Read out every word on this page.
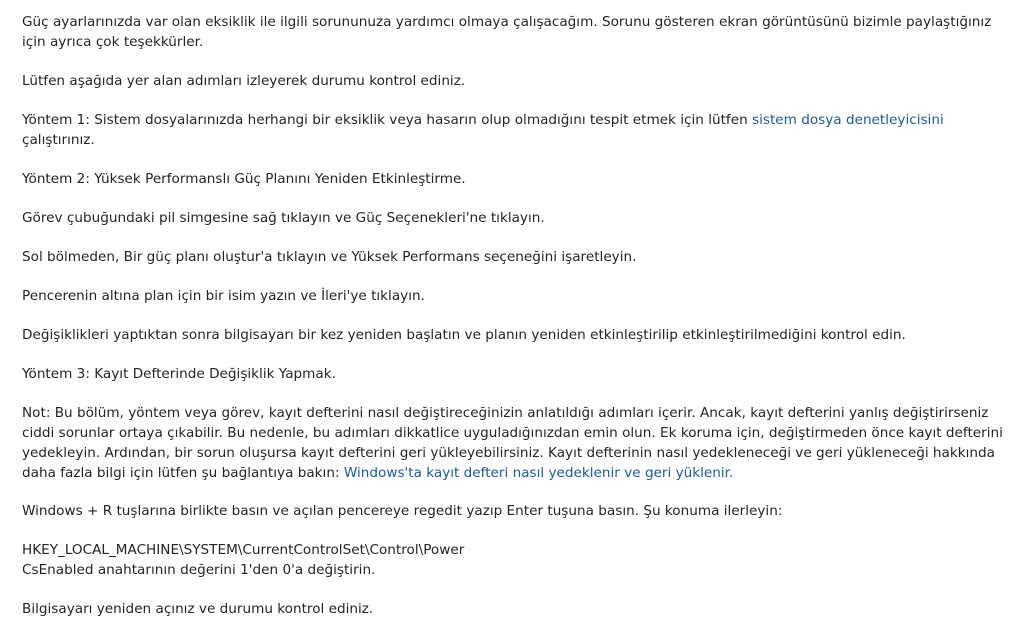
Güç ayarlarınızda var olan eksiklik ile ilgili sorununuza yardımcı olmaya çalışacağım. Sorunu gösteren ekran görüntüsünü bizimle paylaştığınız için ayrıca çok teşekkürler.

Lütfen aşağıda yer alan adımları izleyerek durumu kontrol ediniz.

Yöntem 1: Sistem dosyalarınızda herhangi bir eksiklik veya hasarın olup olmadığını tespit etmek için lütfen sistem dosya denetleyicisini çalıştırınız.

Yöntem 2: Yüksek Performanslı Güç Planını Yeniden Etkinleştirme.

Görev çubuğundaki pil simgesine sağ tıklayın ve Güç Seçenekleri'ne tıklayın.

Sol bölmeden, Bir güç planı oluştur'a tıklayın ve Yüksek Performans seçeneğini işaretleyin.

Pencerenin altına plan için bir isim yazın ve İleri'ye tıklayın.

Değişiklikleri yaptıktan sonra bilgisayarı bir kez yeniden başlatın ve planın yeniden etkinleştirilip etkinleştirilmediğini kontrol edin.

Yöntem 3: Kayıt Defterinde Değişiklik Yapmak.

Not: Bu bölüm, yöntem veya görev, kayıt defterini nasıl değiştireceğinizin anlatıldığı adımları içerir. Ancak, kayıt defterini yanlış değiştirirseniz ciddi sorunlar ortaya çıkabilir. Bu nedenle, bu adımları dikkatlice uyguladığınızdan emin olun. Ek koruma için, değiştirmeden önce kayıt defterini yedekleyin. Ardından, bir sorun oluşursa kayıt defterini geri yükleyebilirsiniz. Kayıt defterinin nasıl yedekleneceği ve geri yükleneceği hakkında daha fazla bilgi için lütfen şu bağlantıya bakın: Windows'ta kayıt defteri nasıl yedeklenir ve geri yüklenir.

Windows + R tuşlarına birlikte basın ve açılan pencereye regedit yazıp Enter tuşuna basın. Şu konuma ilerleyin:

HKEY_LOCAL_MACHINE\SYSTEM\CurrentControlSet\Control\Power
CsEnabled anahtarının değerini 1'den 0'a değiştirin.

Bilgisayarı yeniden açınız ve durumu kontrol ediniz.
